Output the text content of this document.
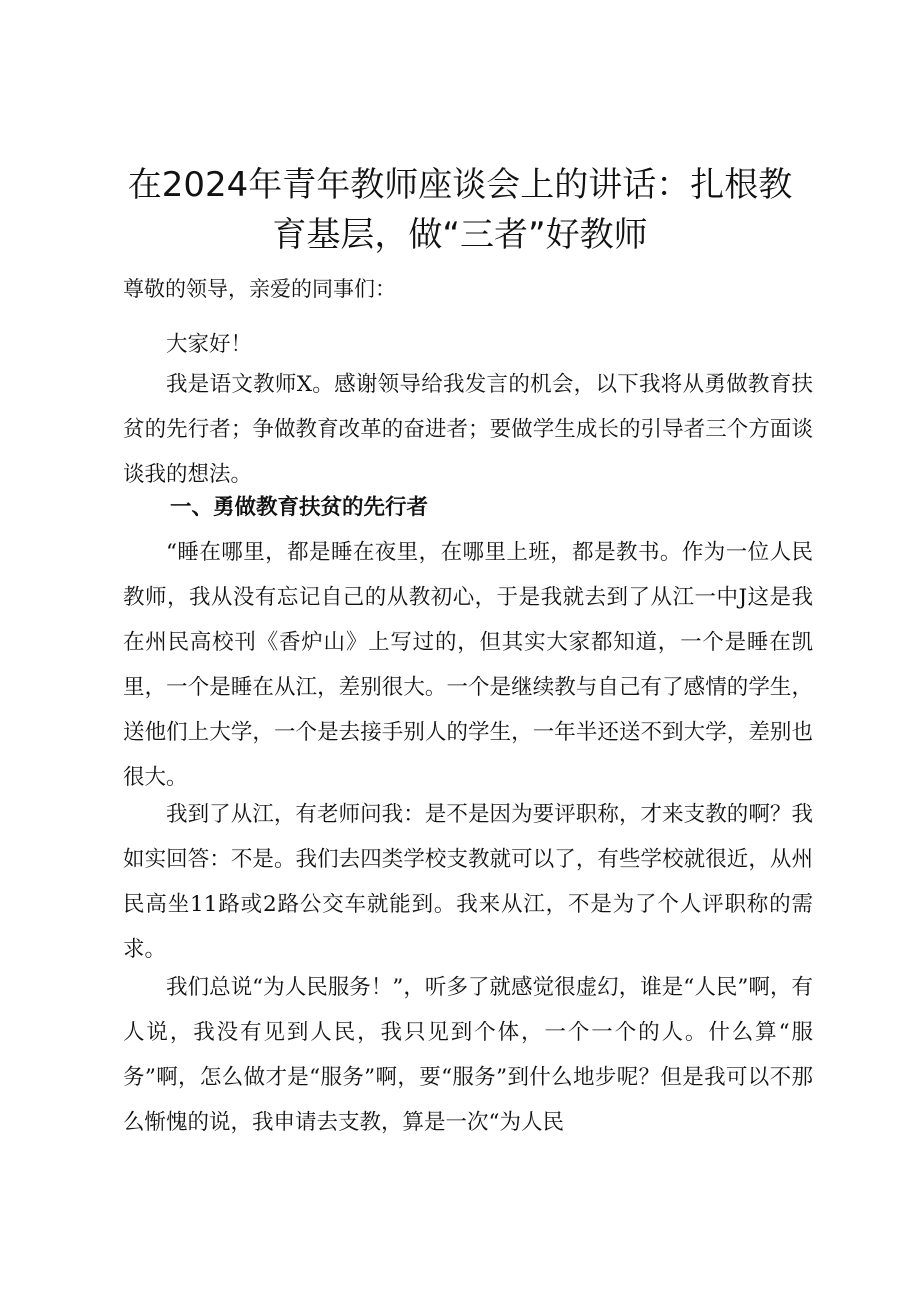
在2024年青年教师座谈会上的讲话：扎根教
育基层，做“三者”好教师

尊敬的领导，亲爱的同事们：

大家好！

我是语文教师X。感谢领导给我发言的机会，以下我将从勇做教育扶贫的先行者；争做教育改革的奋进者；要做学生成长的引导者三个方面谈谈我的想法。

一、勇做教育扶贫的先行者

“睡在哪里，都是睡在夜里，在哪里上班，都是教书。作为一位人民教师，我从没有忘记自己的从教初心，于是我就去到了从江一中J这是我在州民高校刊《香炉山》上写过的，但其实大家都知道，一个是睡在凯里，一个是睡在从江，差别很大。一个是继续教与自己有了感情的学生，送他们上大学，一个是去接手别人的学生，一年半还送不到大学，差别也很大。

我到了从江，有老师问我：是不是因为要评职称，才来支教的啊？我如实回答：不是。我们去四类学校支教就可以了，有些学校就很近，从州民高坐11路或2路公交车就能到。我来从江，不是为了个人评职称的需求。

我们总说“为人民服务！”，听多了就感觉很虚幻，谁是“人民”啊，有人说，我没有见到人民，我只见到个体，一个一个的人。什么算“服务”啊，怎么做才是“服务”啊，要“服务”到什么地步呢？但是我可以不那么惭愧的说，我申请去支教，算是一次“为人民
